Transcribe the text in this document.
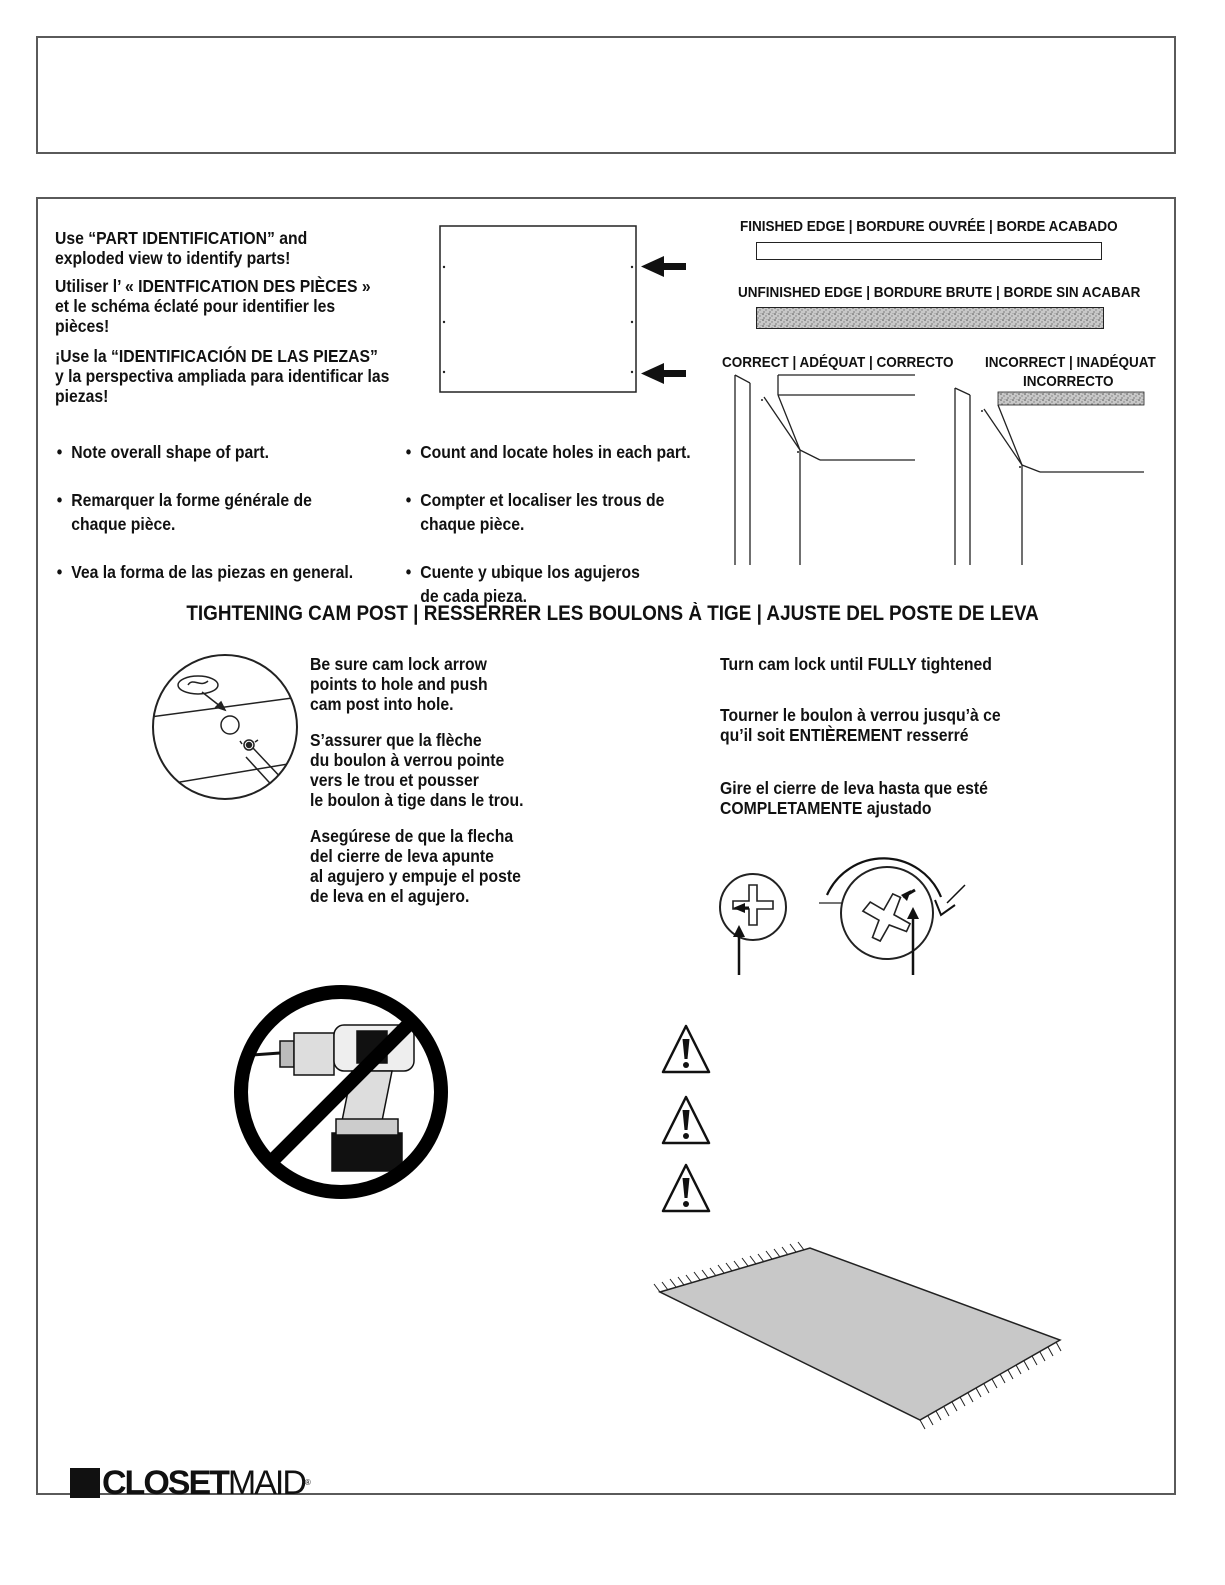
Use “PART IDENTIFICATION” and

exploded view to identify parts!

Utiliser l’ « IDENTFICATION DES PIÈCES »

et le schéma éclaté pour identifier les

pièces!

¡Use la “IDENTIFICACIÓN DE LAS PIEZAS”

y la perspectiva ampliada para identificar las

piezas!

• Note overall shape of part.

• Remarquer la forme générale de
chaque pièce.

• Vea la forma de las piezas en general.

• Count and locate holes in each part.

• Compter et localiser les trous de
chaque pièce.

• Cuente y ubique los agujeros
de cada pieza.

FINISHED EDGE | BORDURE OUVRÉE | BORDE ACABADO
UNFINISHED EDGE | BORDURE BRUTE | BORDE SIN ACABAR
CORRECT | ADÉQUAT | CORRECTO INCORRECT | INADÉQUAT
INCORRECTO
TIGHTENING CAM POST | RESSERRER LES BOULONS À TIGE | AJUSTE DEL POSTE DE LEVA
Be sure cam lock arrow
points to hole and push
cam post into hole.
S’assurer que la flèche
du boulon à verrou pointe
vers le trou et pousser
le boulon à tige dans le trou.
Asegúrese de que la flecha
del cierre de leva apunte
al agujero y empuje el poste
de leva en el agujero.
Turn cam lock until FULLY tightened
Tourner le boulon à verrou jusqu’à ce
qu’il soit ENTIÈREMENT resserré
Gire el cierre de leva hasta que esté
COMPLETAMENTE ajustado
CLOSETMAID®
